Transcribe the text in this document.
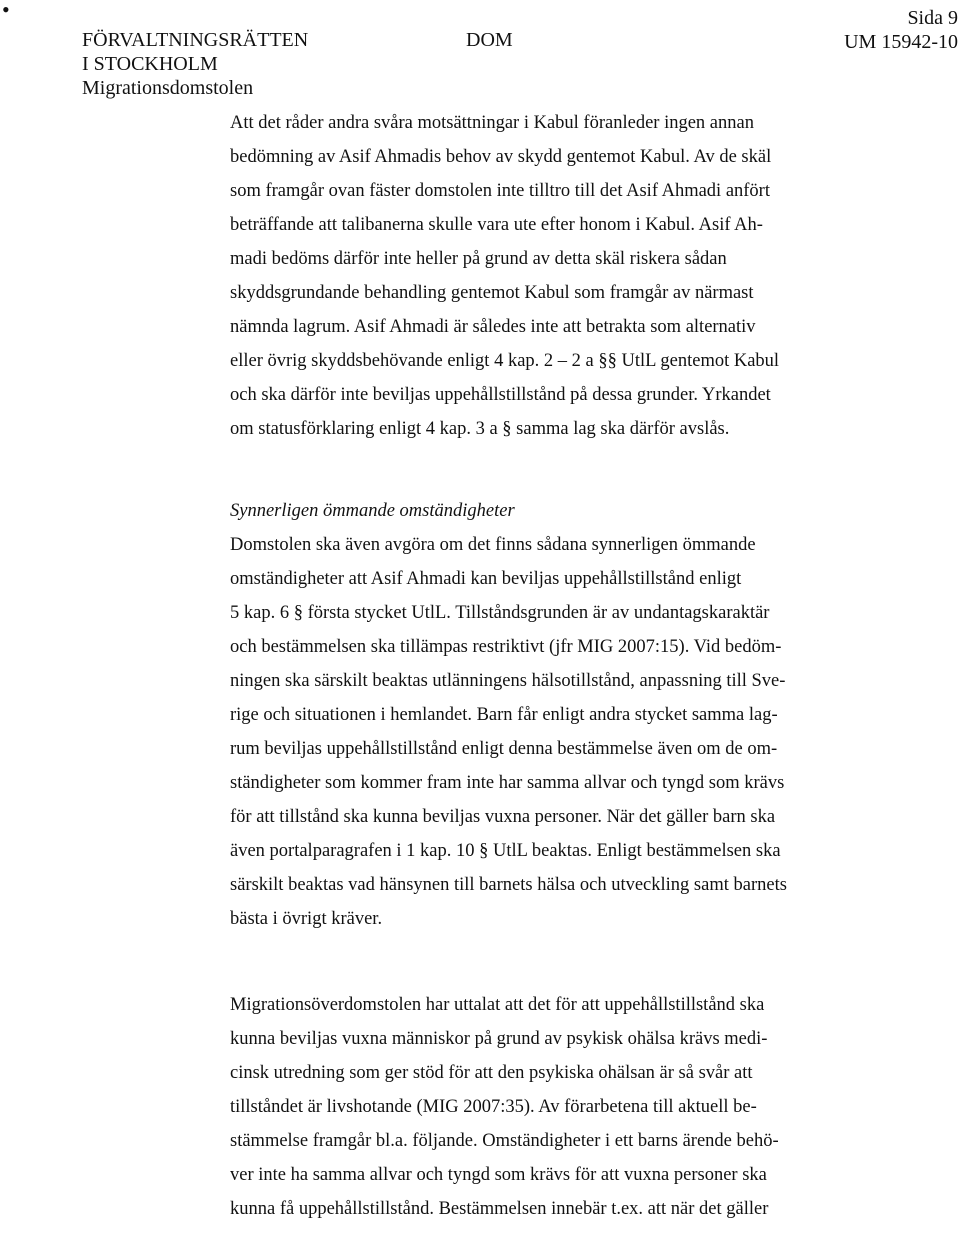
•
FÖRVALTNINGSRÄTTEN
I STOCKHOLM
Migrationsdomstolen
DOM
Sida 9
UM 15942-10
Att det råder andra svåra motsättningar i Kabul föranleder ingen annan
bedömning av Asif Ahmadis behov av skydd gentemot Kabul. Av de skäl
som framgår ovan fäster domstolen inte tilltro till det Asif Ahmadi anfört
beträffande att talibanerna skulle vara ute efter honom i Kabul. Asif Ah-
madi bedöms därför inte heller på grund av detta skäl riskera sådan
skyddsgrundande behandling gentemot Kabul som framgår av närmast
nämnda lagrum. Asif Ahmadi är således inte att betrakta som alternativ
eller övrig skyddsbehövande enligt 4 kap. 2 – 2 a §§ UtlL gentemot Kabul
och ska därför inte beviljas uppehållstillstånd på dessa grunder. Yrkandet
om statusförklaring enligt 4 kap. 3 a § samma lag ska därför avslås.
Synnerligen ömmande omständigheter
Domstolen ska även avgöra om det finns sådana synnerligen ömmande
omständigheter att Asif Ahmadi kan beviljas uppehållstillstånd enligt
5 kap. 6 § första stycket UtlL. Tillståndsgrunden är av undantagskaraktär
och bestämmelsen ska tillämpas restriktivt (jfr MIG 2007:15). Vid bedöm-
ningen ska särskilt beaktas utlänningens hälsotillstånd, anpassning till Sve-
rige och situationen i hemlandet. Barn får enligt andra stycket samma lag-
rum beviljas uppehållstillstånd enligt denna bestämmelse även om de om-
ständigheter som kommer fram inte har samma allvar och tyngd som krävs
för att tillstånd ska kunna beviljas vuxna personer. När det gäller barn ska
även portalparagrafen i 1 kap. 10 § UtlL beaktas. Enligt bestämmelsen ska
särskilt beaktas vad hänsynen till barnets hälsa och utveckling samt barnets
bästa i övrigt kräver.
Migrationsöverdomstolen har uttalat att det för att uppehållstillstånd ska
kunna beviljas vuxna människor på grund av psykisk ohälsa krävs medi-
cinsk utredning som ger stöd för att den psykiska ohälsan är så svår att
tillståndet är livshotande (MIG 2007:35). Av förarbetena till aktuell be-
stämmelse framgår bl.a. följande. Omständigheter i ett barns ärende behö-
ver inte ha samma allvar och tyngd som krävs för att vuxna personer ska
kunna få uppehållstillstånd. Bestämmelsen innebär t.ex. att när det gäller
